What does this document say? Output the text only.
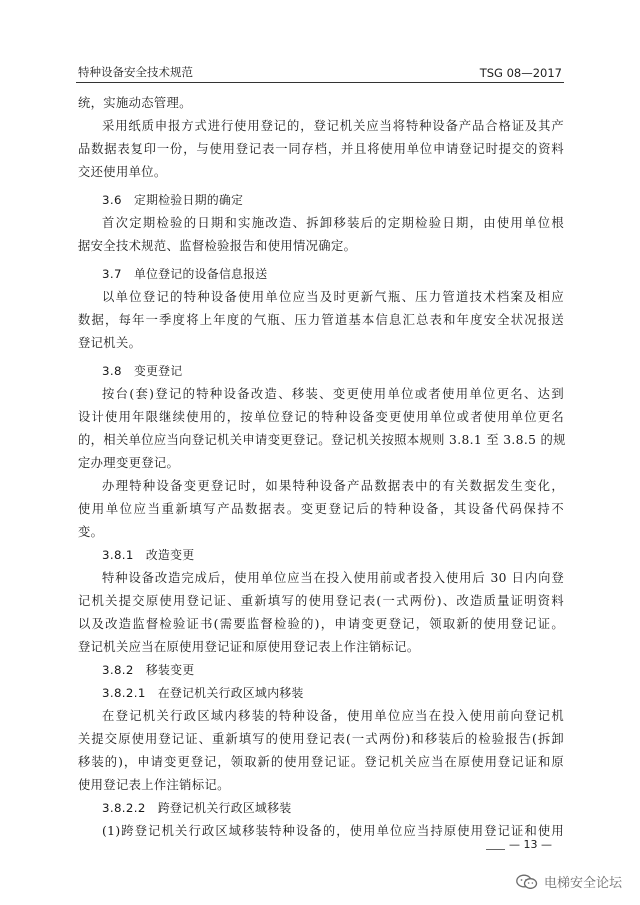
特种设备安全技术规范	TSG 08—2017
统，实施动态管理。
采用纸质申报方式进行使用登记的，登记机关应当将特种设备产品合格证及其产
品数据表复印一份，与使用登记表一同存档，并且将使用单位申请登记时提交的资料
交还使用单位。
3.6　定期检验日期的确定
首次定期检验的日期和实施改造、拆卸移装后的定期检验日期，由使用单位根
据安全技术规范、监督检验报告和使用情况确定。
3.7　单位登记的设备信息报送
以单位登记的特种设备使用单位应当及时更新气瓶、压力管道技术档案及相应
数据，每年一季度将上年度的气瓶、压力管道基本信息汇总表和年度安全状况报送
登记机关。
3.8　变更登记
按台(套)登记的特种设备改造、移装、变更使用单位或者使用单位更名、达到
设计使用年限继续使用的，按单位登记的特种设备变更使用单位或者使用单位更名
的，相关单位应当向登记机关申请变更登记。登记机关按照本规则 3.8.1 至 3.8.5 的规
定办理变更登记。
办理特种设备变更登记时，如果特种设备产品数据表中的有关数据发生变化，
使用单位应当重新填写产品数据表。变更登记后的特种设备，其设备代码保持不
变。
3.8.1　改造变更
特种设备改造完成后，使用单位应当在投入使用前或者投入使用后 30 日内向登
记机关提交原使用登记证、重新填写的使用登记表(一式两份)、改造质量证明资料
以及改造监督检验证书(需要监督检验的)，申请变更登记，领取新的使用登记证。
登记机关应当在原使用登记证和原使用登记表上作注销标记。
3.8.2　移装变更
3.8.2.1　在登记机关行政区域内移装
在登记机关行政区域内移装的特种设备，使用单位应当在投入使用前向登记机
关提交原使用登记证、重新填写的使用登记表(一式两份)和移装后的检验报告(拆卸
移装的)，申请变更登记，领取新的使用登记证。登记机关应当在原使用登记证和原
使用登记表上作注销标记。
3.8.2.2　跨登记机关行政区域移装
(1)跨登记机关行政区域移装特种设备的，使用单位应当持原使用登记证和使用
— 13 —
电梯安全论坛
